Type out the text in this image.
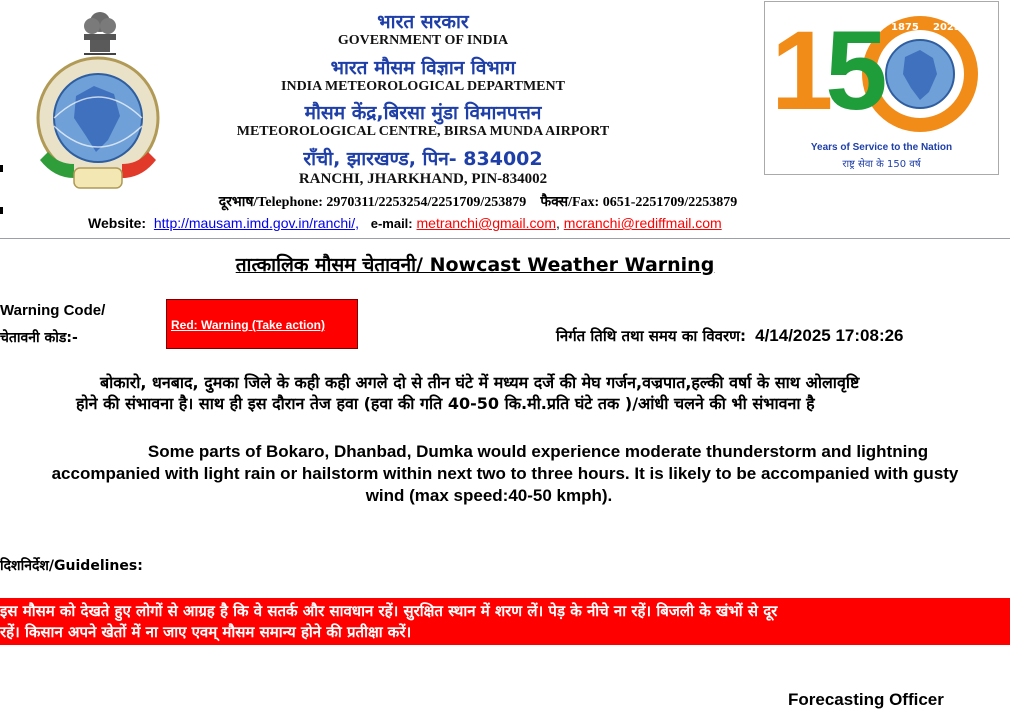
भारत सरकार
GOVERNMENT OF INDIA
भारत मौसम विज्ञान विभाग
INDIA METEOROLOGICAL DEPARTMENT
मौसम केंद्र,बिरसा मुंडा विमानपत्तन
METEOROLOGICAL CENTRE, BIRSA MUNDA AIRPORT
राँची, झारखण्ड, पिन- 834002
RANCHI, JHARKHAND, PIN-834002
दूरभाष/Telephone: 2970311/2253254/2251709/253879 फैक्स/Fax: 0651-2251709/2253879
Website: http://mausam.imd.gov.in/ranchi/, e-mail: metranchi@gmail.com, mcranchi@rediffmail.com
15 1875 2025
Years of Service to the Nation
राष्ट्र सेवा के 150 वर्ष
तात्कालिक मौसम चेतावनी/ Nowcast Weather Warning
Warning Code/
चेतावनी कोड:-
Red: Warning (Take action)
निर्गत तिथि तथा समय का विवरण: 4/14/2025 17:08:26

बोकारो, धनबाद, दुमका जिले के कही कही अगले दो से तीन घंटे में मध्यम दर्जे की मेघ गर्जन,वज्रपात,हल्की वर्षा के साथ ओलावृष्टि

होने की संभावना है। साथ ही इस दौरान तेज हवा (हवा की गति 40-50 कि.मी.प्रति घंटे तक )/आंधी चलने की भी संभावना है

Some parts of Bokaro, Dhanbad, Dumka would experience moderate thunderstorm and lightning

accompanied with light rain or hailstorm within next two to three hours. It is likely to be accompanied with gusty

wind (max speed:40-50 kmph).

दिशनिर्देश/Guidelines:

इस मौसम को देखते हुए लोगों से आग्रह है कि वे सतर्क और सावधान रहें। सुरक्षित स्थान में शरण लें। पेड़ के नीचे ना रहें। बिजली के खंभों से दूर

रहें। किसान अपने खेतों में ना जाए एवम् मौसम समान्य होने की प्रतीक्षा करें।

Forecasting Officer
